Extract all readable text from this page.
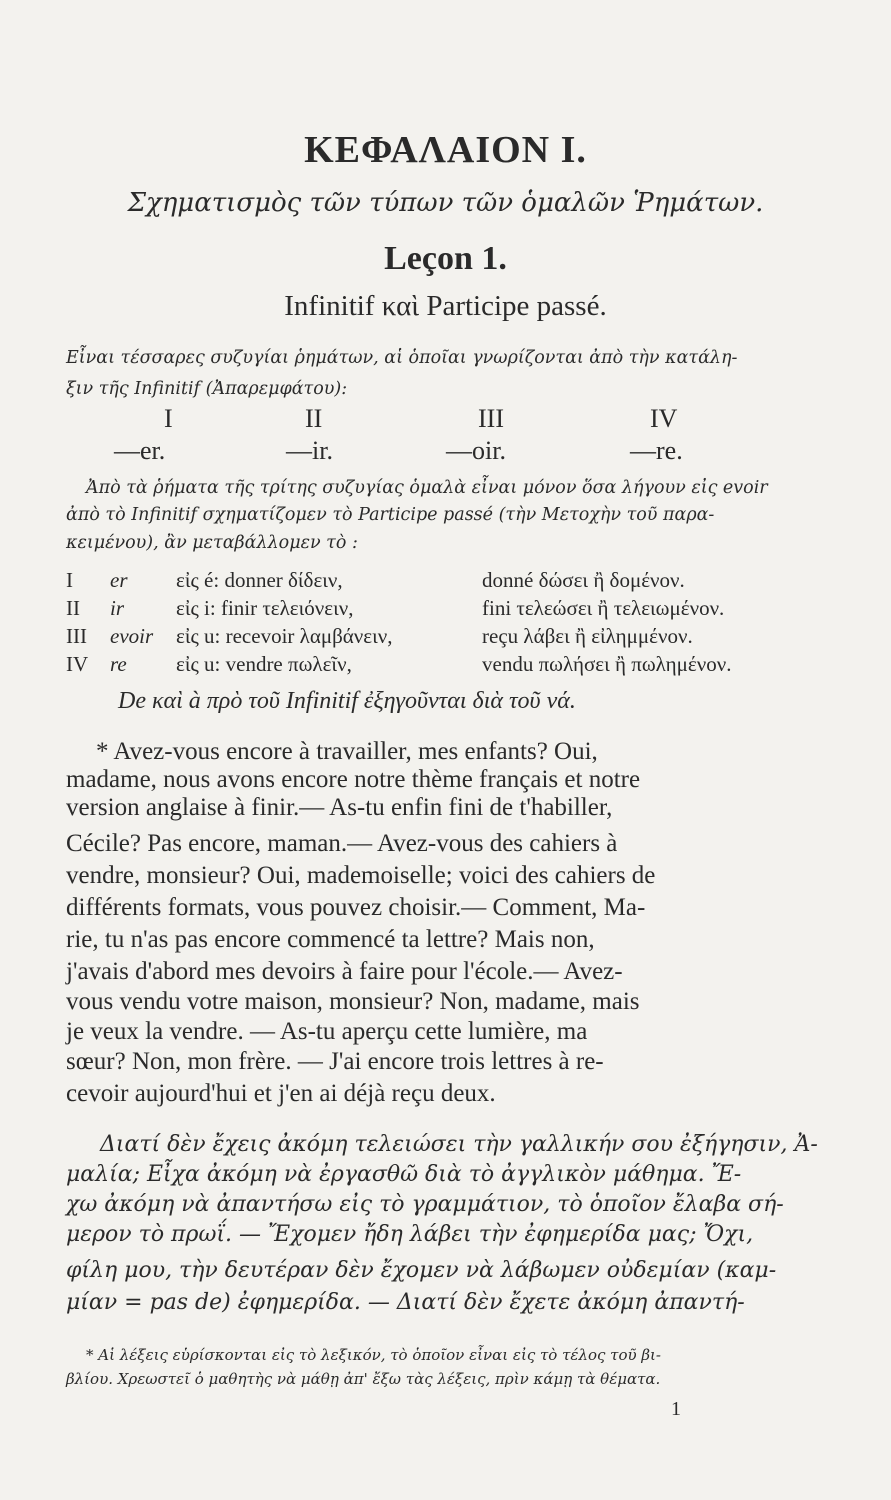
ΚΕΦΑΛΑΙΟΝ Ι.
Σχηματισμὸς τῶν τύπων τῶν ὁμαλῶν Ῥημάτων.
Leçon 1.
Infinitif καὶ Participe passé.
Εἶναι τέσσαρες συζυγίαι ῥημάτων, αἱ ὁποῖαι γνωρίζονται ἀπὸ τὴν κατάλη-
ξιν τῆς Infinitif (Ἀπαρεμφάτου):
I	II	III	IV
—er.	—ir.	—oir.	—re.
Ἀπὸ τὰ ῥήματα τῆς τρίτης συζυγίας ὁμαλὰ εἶναι μόνον ὅσα λήγουν εἰς evoir
ἀπὸ τὸ Infinitif σχηματίζομεν τὸ Participe passé (τὴν Μετοχὴν τοῦ παρα-
κειμένου), ἂν μεταβάλλομεν τὸ :
I er εἰς é: donner δίδειν,	donné δώσει ἢ δομένον.
II ir εἰς i: finir τελειόνειν,	fini τελεώσει ἢ τελειωμένον.
III evoir εἰς u: recevoir λαμβάνειν,	reçu λάβει ἢ εἰλημμένον.
IV re εἰς u: vendre πωλεῖν,	vendu πωλήσει ἢ πωλημένον.
De καὶ à πρὸ τοῦ Infinitif ἐξηγοῦνται διὰ τοῦ νά.
* Avez-vous encore à travailler, mes enfants? Oui,
madame, nous avons encore notre thème français et notre
version anglaise à finir.— As-tu enfin fini de t'habiller,
Cécile? Pas encore, maman.— Avez-vous des cahiers à
vendre, monsieur? Oui, mademoiselle; voici des cahiers de
différents formats, vous pouvez choisir.— Comment, Ma-
rie, tu n'as pas encore commencé ta lettre? Mais non,
j'avais d'abord mes devoirs à faire pour l'école.— Avez-
vous vendu votre maison, monsieur? Non, madame, mais
je veux la vendre. — As-tu aperçu cette lumière, ma
sœur? Non, mon frère. — J'ai encore trois lettres à re-
cevoir aujourd'hui et j'en ai déjà reçu deux.
Διατί δὲν ἔχεις ἀκόμη τελειώσει τὴν γαλλικήν σου ἐξήγησιν, Ἀ-
μαλία; Εἶχα ἀκόμη νὰ ἐργασθῶ διὰ τὸ ἀγγλικὸν μάθημα. Ἔ-
χω ἀκόμη νὰ ἀπαντήσω εἰς τὸ γραμμάτιον, τὸ ὁποῖον ἔλαβα σή-
μερον τὸ πρωΐ. — Ἔχομεν ἤδη λάβει τὴν ἐφημερίδα μας; Ὄχι,
φίλη μου, τὴν δευτέραν δὲν ἔχομεν νὰ λάβωμεν οὐδεμίαν (καμ-
μίαν = pas de) ἐφημερίδα. — Διατί δὲν ἔχετε ἀκόμη ἀπαντή-
* Αἱ λέξεις εὑρίσκονται εἰς τὸ λεξικόν, τὸ ὁποῖον εἶναι εἰς τὸ τέλος τοῦ βι-
βλίου. Χρεωστεῖ ὁ μαθητὴς νὰ μάθῃ ἀπ' ἔξω τὰς λέξεις, πρὶν κάμῃ τὰ θέματα.
1
